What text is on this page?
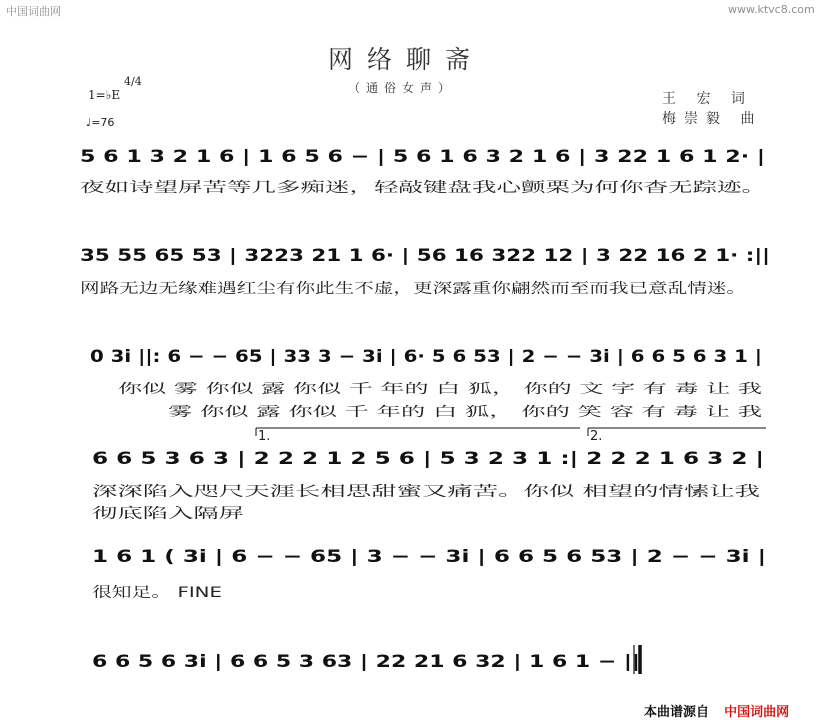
中国词曲网	www.ktvc8.com
网络聊斋
（通俗女声）
王 宏 词
梅崇毅 曲
1=♭E
4/4
♩=76
5 6 1 3 2 1 6 | 1 6 5 6 − | 5 6 1 6 3 2 1 6 | 3 22 1 6 1 2· |
35 55 65 53 | 3223 21 1 6· | 56 16 322 12 | 3 22 16 2 1· :||
0 3i ||: 6 − − 65 | 33 3 − 3i | 6· 5 6 53 | 2 − − 3i | 6 6 5 6 3 1 |
6 6 5 3 6 3 | 2 2 2 1 2 5 6 | 5 3 2 3 1 :| 2 2 2 1 6 3 2 |
1 6 1 ( 3i | 6 − − 65 | 3 − − 3i | 6 6 5 6 53 | 2 − − 3i |
6 6 5 6 3i | 6 6 5 3 63 | 22 21 6 32 | 1 6 1 − ||
夜如诗望屏苦等几多痴迷，轻敲键盘我心颤栗为何你杳无踪迹。
网路无边无缘难遇红尘有你此生不虚，更深露重你翩然而至而我已意乱情迷。
你似 雾 你似 露 你似 千 年的 白 狐， 你的 文 字 有 毒 让 我
雾 你似 露 你似 千 年的 白 狐， 你的 笑 容 有 毒 让 我
深深陷入咫尺天涯长相思甜蜜又痛苦。你似 相望的情愫让我
彻底陷入隔屏
很知足。 FINE
1.	2.
本曲谱源自 中国词曲网
